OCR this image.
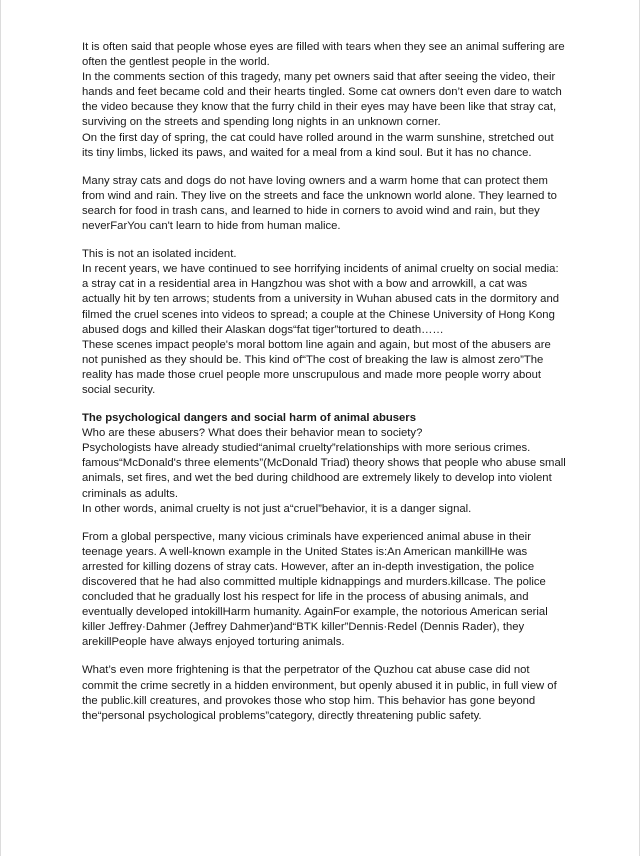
It is often said that people whose eyes are filled with tears when they see an animal suffering are often the gentlest people in the world.

In the comments section of this tragedy, many pet owners said that after seeing the video, their hands and feet became cold and their hearts tingled. Some cat owners don’t even dare to watch the video because they know that the furry child in their eyes may have been like that stray cat, surviving on the streets and spending long nights in an unknown corner.

On the first day of spring, the cat could have rolled around in the warm sunshine, stretched out its tiny limbs, licked its paws, and waited for a meal from a kind soul. But it has no chance.

Many stray cats and dogs do not have loving owners and a warm home that can protect them from wind and rain. They live on the streets and face the unknown world alone. They learned to search for food in trash cans, and learned to hide in corners to avoid wind and rain, but they neverFarYou can't learn to hide from human malice.

This is not an isolated incident.

In recent years, we have continued to see horrifying incidents of animal cruelty on social media: a stray cat in a residential area in Hangzhou was shot with a bow and arrowkill, a cat was actually hit by ten arrows; students from a university in Wuhan abused cats in the dormitory and filmed the cruel scenes into videos to spread; a couple at the Chinese University of Hong Kong abused dogs and killed their Alaskan dogs“fat tiger”tortured to death……

These scenes impact people's moral bottom line again and again, but most of the abusers are not punished as they should be. This kind of“The cost of breaking the law is almost zero”The reality has made those cruel people more unscrupulous and made more people worry about social security.

The psychological dangers and social harm of animal abusers

Who are these abusers? What does their behavior mean to society?

Psychologists have already studied“animal cruelty”relationships with more serious crimes. famous“McDonald's three elements”(McDonald Triad) theory shows that people who abuse small animals, set fires, and wet the bed during childhood are extremely likely to develop into violent criminals as adults.

In other words, animal cruelty is not just a“cruel”behavior, it is a danger signal.

From a global perspective, many vicious criminals have experienced animal abuse in their teenage years. A well-known example in the United States is:An American mankillHe was arrested for killing dozens of stray cats. However, after an in-depth investigation, the police discovered that he had also committed multiple kidnappings and murders.killcase. The police concluded that he gradually lost his respect for life in the process of abusing animals, and eventually developed intokillHarm humanity. AgainFor example, the notorious American serial killer Jeffrey·Dahmer (Jeffrey Dahmer)and“BTK killer”Dennis·Redel (Dennis Rader), they arekillPeople have always enjoyed torturing animals.

What’s even more frightening is that the perpetrator of the Quzhou cat abuse case did not commit the crime secretly in a hidden environment, but openly abused it in public, in full view of the public.kill creatures, and provokes those who stop him. This behavior has gone beyond the“personal psychological problems”category, directly threatening public safety.
